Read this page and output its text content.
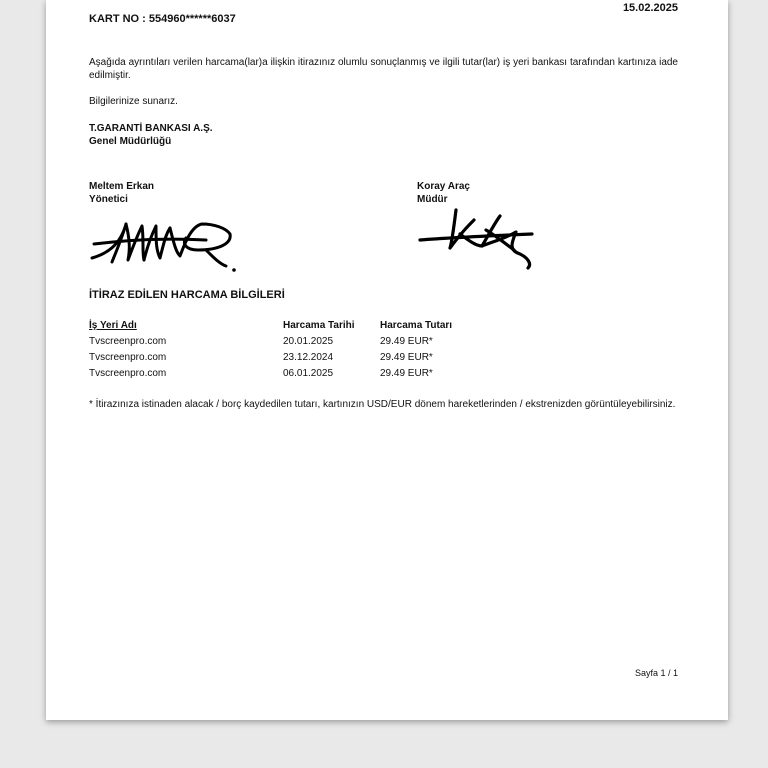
KART NO : 554960******6037
15.02.2025
Aşağıda ayrıntıları verilen harcama(lar)a ilişkin itirazınız olumlu sonuçlanmış ve ilgili tutar(lar) iş yeri bankası tarafından kartınıza iade edilmiştir.
Bilgilerinize sunarız.
T.GARANTİ BANKASI A.Ş.
Genel Müdürlüğü
Meltem Erkan
Yönetici
Koray Araç
Müdür
İTİRAZ EDİLEN HARCAMA BİLGİLERİ
İş Yeri Adı	Harcama Tarihi	Harcama Tutarı
Tvscreenpro.com	20.01.2025	29.49 EUR*
Tvscreenpro.com	23.12.2024	29.49 EUR*
Tvscreenpro.com	06.01.2025	29.49 EUR*
* İtirazınıza istinaden alacak / borç kaydedilen tutarı, kartınızın USD/EUR dönem hareketlerinden / ekstrenizden görüntüleyebilirsiniz.
Sayfa 1 / 1
